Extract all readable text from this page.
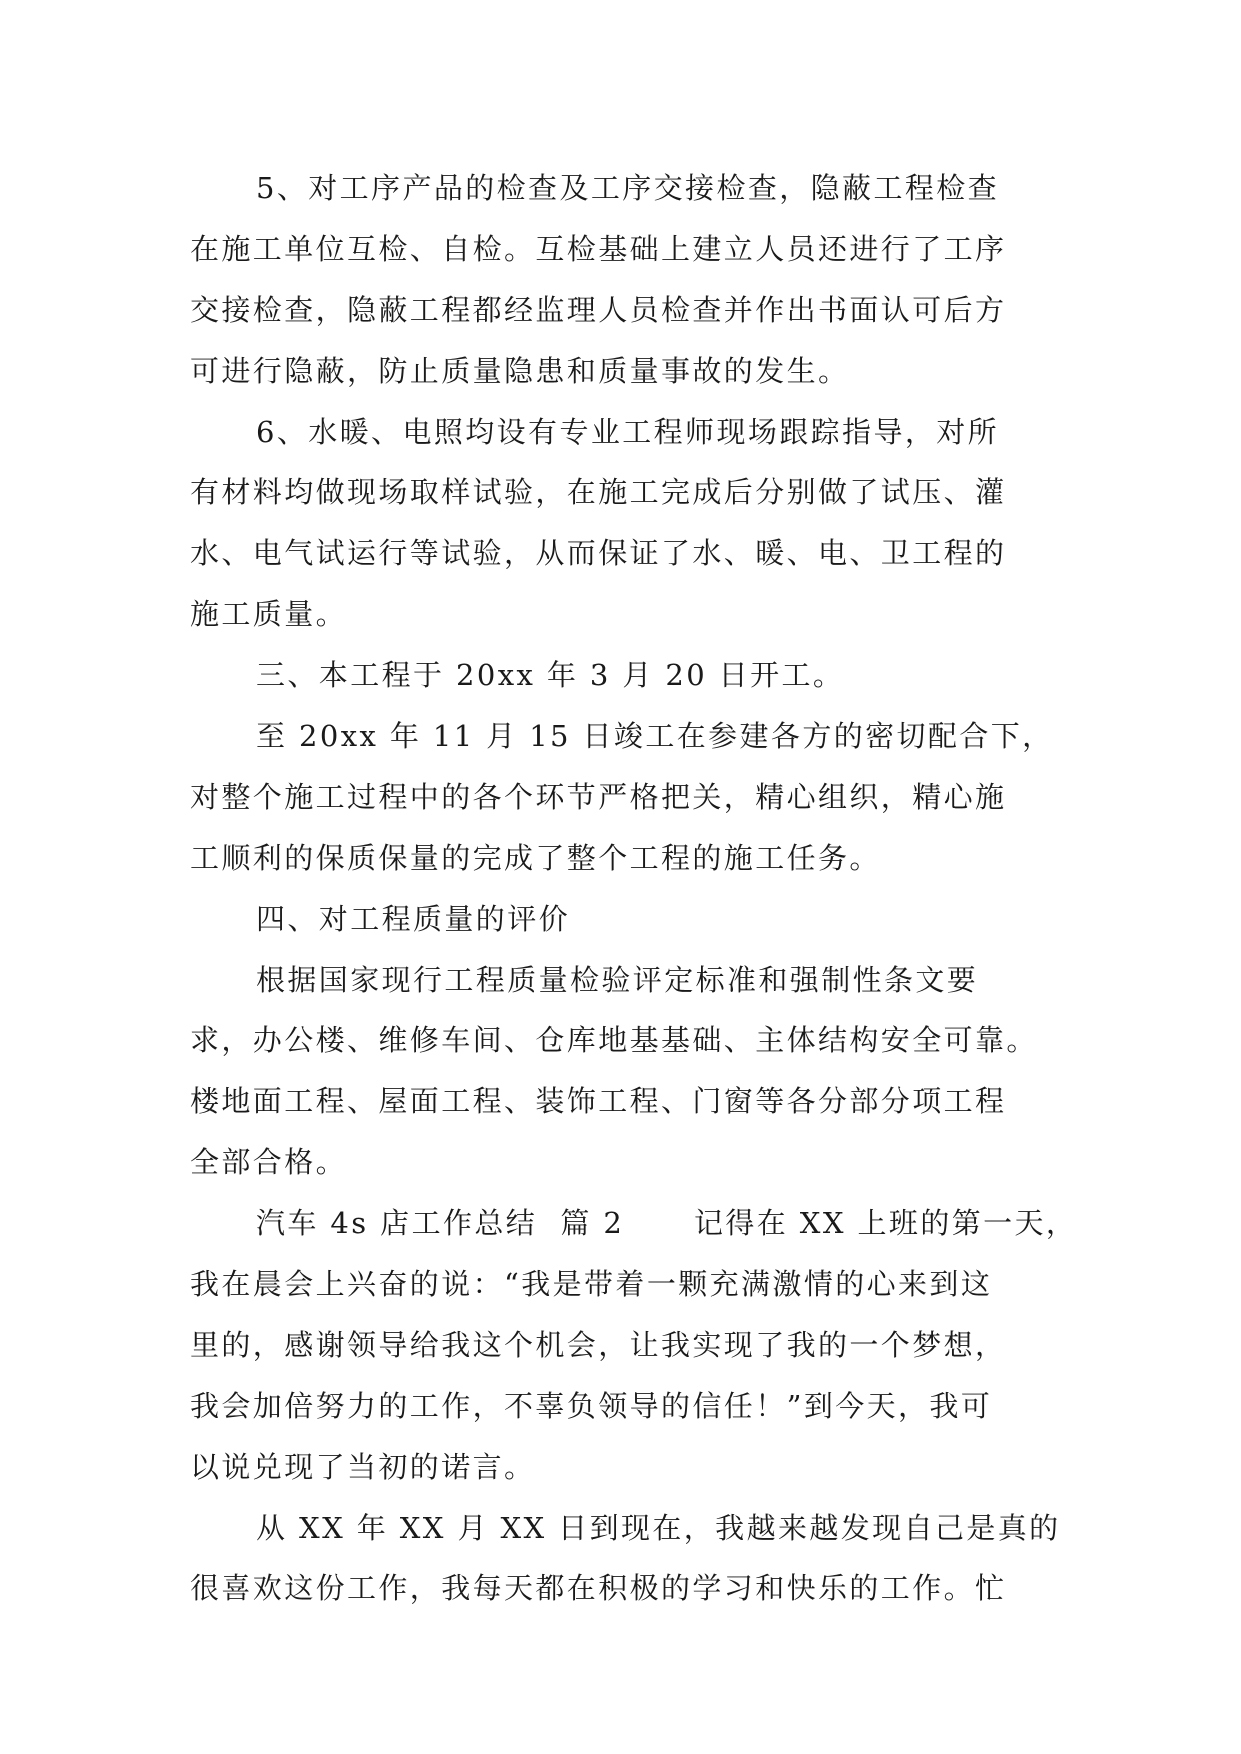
5、对工序产品的检查及工序交接检查，隐蔽工程检查
在施工单位互检、自检。互检基础上建立人员还进行了工序
交接检查，隐蔽工程都经监理人员检查并作出书面认可后方
可进行隐蔽，防止质量隐患和质量事故的发生。
6、水暖、电照均设有专业工程师现场跟踪指导，对所
有材料均做现场取样试验，在施工完成后分别做了试压、灌
水、电气试运行等试验，从而保证了水、暖、电、卫工程的
施工质量。
三、本工程于 20xx 年 3 月 20 日开工。
至 20xx 年 11 月 15 日竣工在参建各方的密切配合下，
对整个施工过程中的各个环节严格把关，精心组织，精心施
工顺利的保质保量的完成了整个工程的施工任务。
四、对工程质量的评价
根据国家现行工程质量检验评定标准和强制性条文要
求，办公楼、维修车间、仓库地基基础、主体结构安全可靠。
楼地面工程、屋面工程、装饰工程、门窗等各分部分项工程
全部合格。
汽车 4s 店工作总结  篇 2      记得在 XX 上班的第一天，
我在晨会上兴奋的说：“我是带着一颗充满激情的心来到这
里的，感谢领导给我这个机会，让我实现了我的一个梦想，
我会加倍努力的工作，不辜负领导的信任！”到今天，我可
以说兑现了当初的诺言。
从 XX 年 XX 月 XX 日到现在，我越来越发现自己是真的
很喜欢这份工作，我每天都在积极的学习和快乐的工作。忙
